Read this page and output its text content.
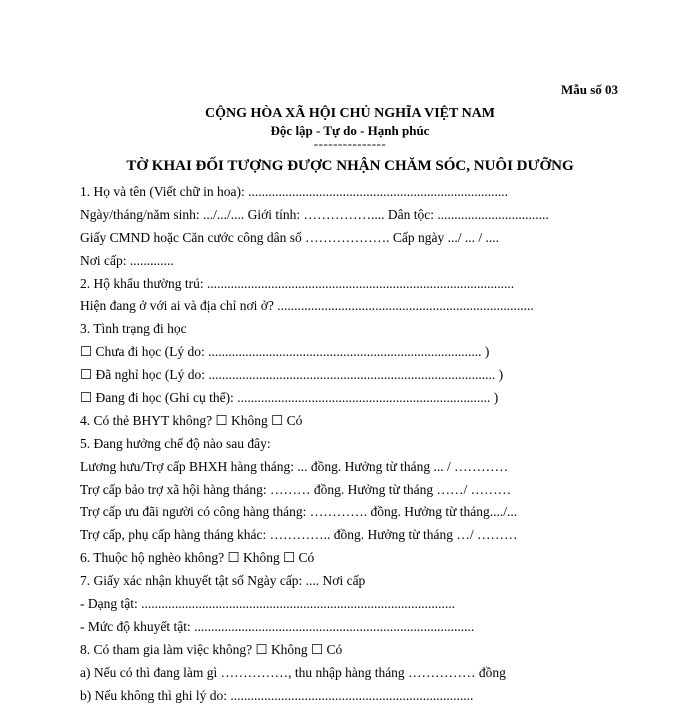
Mẫu số 03
CỘNG HÒA XÃ HỘI CHỦ NGHĨA VIỆT NAM
Độc lập - Tự do - Hạnh phúc
---------------
TỜ KHAI ĐỐI TƯỢNG ĐƯỢC NHẬN CHĂM SÓC, NUÔI DƯỠNG
1. Họ và tên (Viết chữ in hoa): .............................................................................
Ngày/tháng/năm sinh: .../.../.... Giới tính: …………….... Dân tộc: .................................
Giấy CMND hoặc Căn cước công dân số ………………. Cấp ngày .../ ... / ....
Nơi cấp: .............
2. Hộ khẩu thường trú: ...........................................................................................
Hiện đang ở với ai và địa chỉ nơi ở? ............................................................................
3. Tình trạng đi học
☐ Chưa đi học (Lý do: ................................................................................. )
☐ Đã nghỉ học (Lý do: ..................................................................................... )
☐ Đang đi học (Ghi cụ thể): ........................................................................... )
4. Có thẻ BHYT không? ☐ Không ☐ Có
5. Đang hưởng chế độ nào sau đây:
Lương hưu/Trợ cấp BHXH hàng tháng: ... đồng. Hưởng từ tháng ... / …………
Trợ cấp bảo trợ xã hội hàng tháng: ……… đồng. Hưởng từ tháng ……/ ………
Trợ cấp ưu đãi người có công hàng tháng: …………. đồng. Hưởng từ tháng..../...
Trợ cấp, phụ cấp hàng tháng khác: ………….. đồng. Hưởng từ tháng …/ ………
6. Thuộc hộ nghèo không? ☐ Không ☐ Có
7. Giấy xác nhận khuyết tật số Ngày cấp: .... Nơi cấp
- Dạng tật: .............................................................................................
- Mức độ khuyết tật: ...................................................................................
8. Có tham gia làm việc không? ☐ Không ☐ Có
a) Nếu có thì đang làm gì ……………, thu nhập hàng tháng …………… đồng
b) Nếu không thì ghi lý do: ........................................................................
